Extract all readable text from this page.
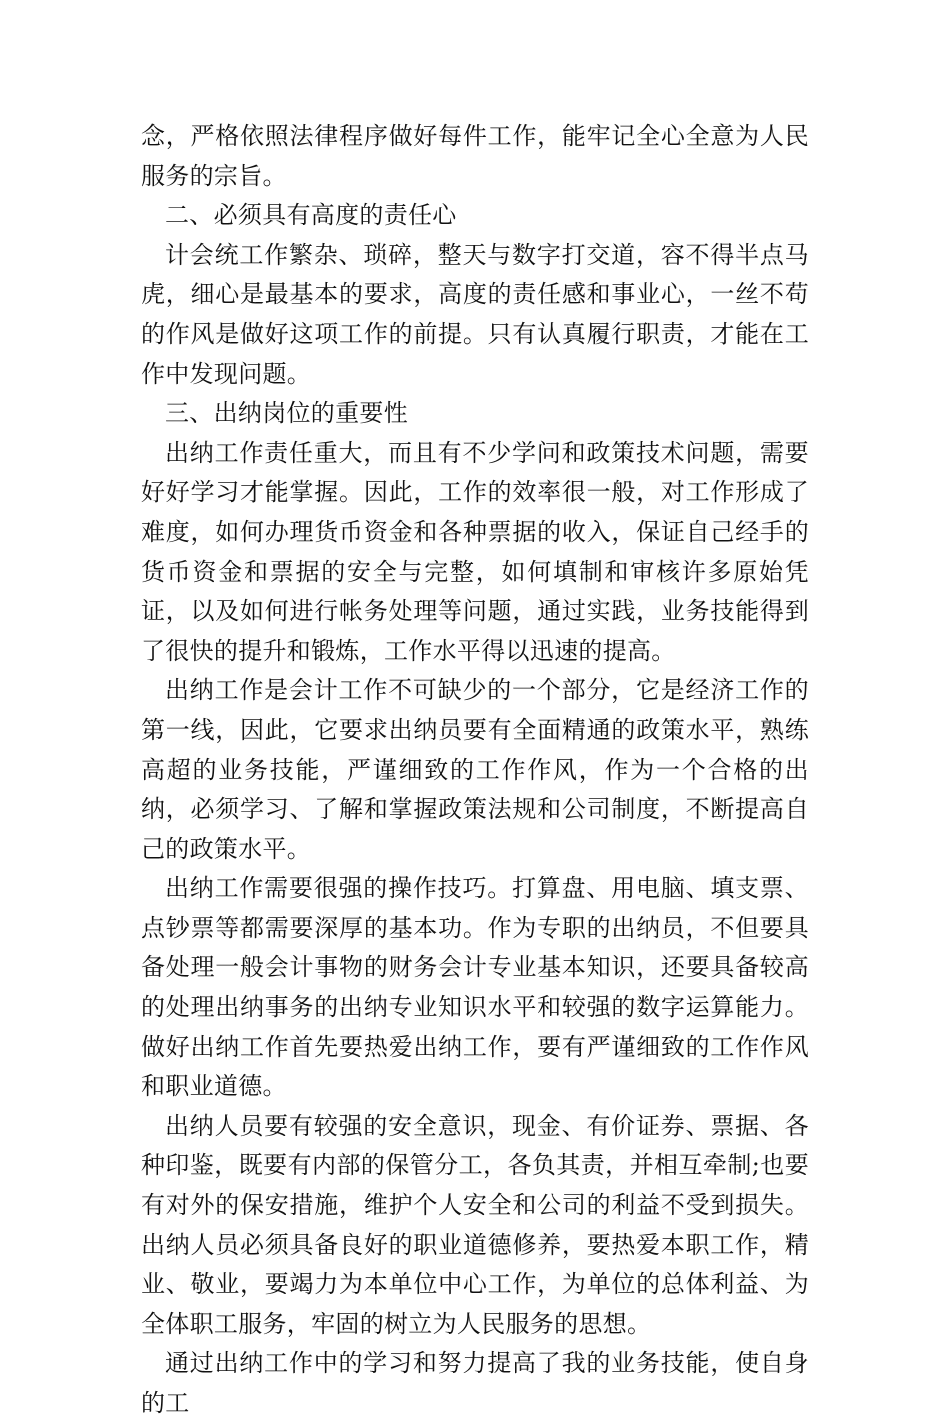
念，严格依照法律程序做好每件工作，能牢记全心全意为人民服务的宗旨。

二、必须具有高度的责任心

计会统工作繁杂、琐碎，整天与数字打交道，容不得半点马虎，细心是最基本的要求，高度的责任感和事业心，一丝不苟的作风是做好这项工作的前提。只有认真履行职责，才能在工作中发现问题。

三、出纳岗位的重要性

出纳工作责任重大，而且有不少学问和政策技术问题，需要好好学习才能掌握。因此，工作的效率很一般，对工作形成了难度，如何办理货币资金和各种票据的收入，保证自己经手的货币资金和票据的安全与完整，如何填制和审核许多原始凭证，以及如何进行帐务处理等问题，通过实践，业务技能得到了很快的提升和锻炼，工作水平得以迅速的提高。

出纳工作是会计工作不可缺少的一个部分，它是经济工作的第一线，因此，它要求出纳员要有全面精通的政策水平，熟练高超的业务技能，严谨细致的工作作风，作为一个合格的出纳，必须学习、了解和掌握政策法规和公司制度，不断提高自己的政策水平。

出纳工作需要很强的操作技巧。打算盘、用电脑、填支票、点钞票等都需要深厚的基本功。作为专职的出纳员，不但要具备处理一般会计事物的财务会计专业基本知识，还要具备较高的处理出纳事务的出纳专业知识水平和较强的数字运算能力。做好出纳工作首先要热爱出纳工作，要有严谨细致的工作作风和职业道德。

出纳人员要有较强的安全意识，现金、有价证券、票据、各种印鉴，既要有内部的保管分工，各负其责，并相互牵制;也要有对外的保安措施，维护个人安全和公司的利益不受到损失。出纳人员必须具备良好的职业道德修养，要热爱本职工作，精业、敬业，要竭力为本单位中心工作，为单位的总体利益、为全体职工服务，牢固的树立为人民服务的思想。

通过出纳工作中的学习和努力提高了我的业务技能，使自身的工
